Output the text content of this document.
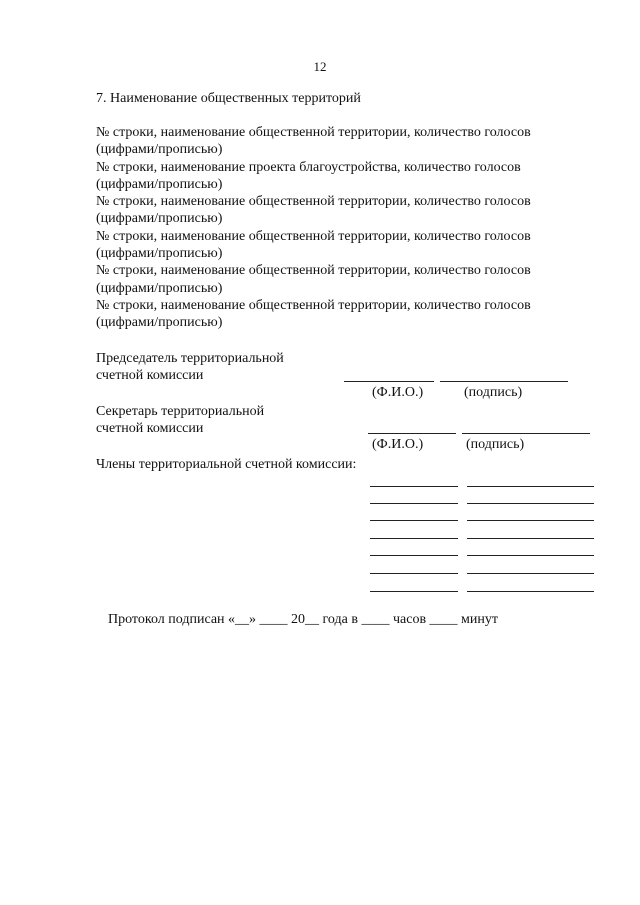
12
7. Наименование общественных территорий
№ строки, наименование общественной территории, количество голосов
(цифрами/прописью)
№ строки, наименование проекта благоустройства, количество голосов
(цифрами/прописью)
№ строки, наименование общественной территории, количество голосов
(цифрами/прописью)
№ строки, наименование общественной территории, количество голосов
(цифрами/прописью)
№ строки, наименование общественной территории, количество голосов
(цифрами/прописью)
№ строки, наименование общественной территории, количество голосов
(цифрами/прописью)
Председатель территориальной
счетной комиссии
(Ф.И.О.)	(подпись)
Секретарь территориальной
счетной комиссии
(Ф.И.О.)	(подпись)
Члены территориальной счетной комиссии:
Протокол подписан «__» ____ 20__ года в ____ часов ____ минут
